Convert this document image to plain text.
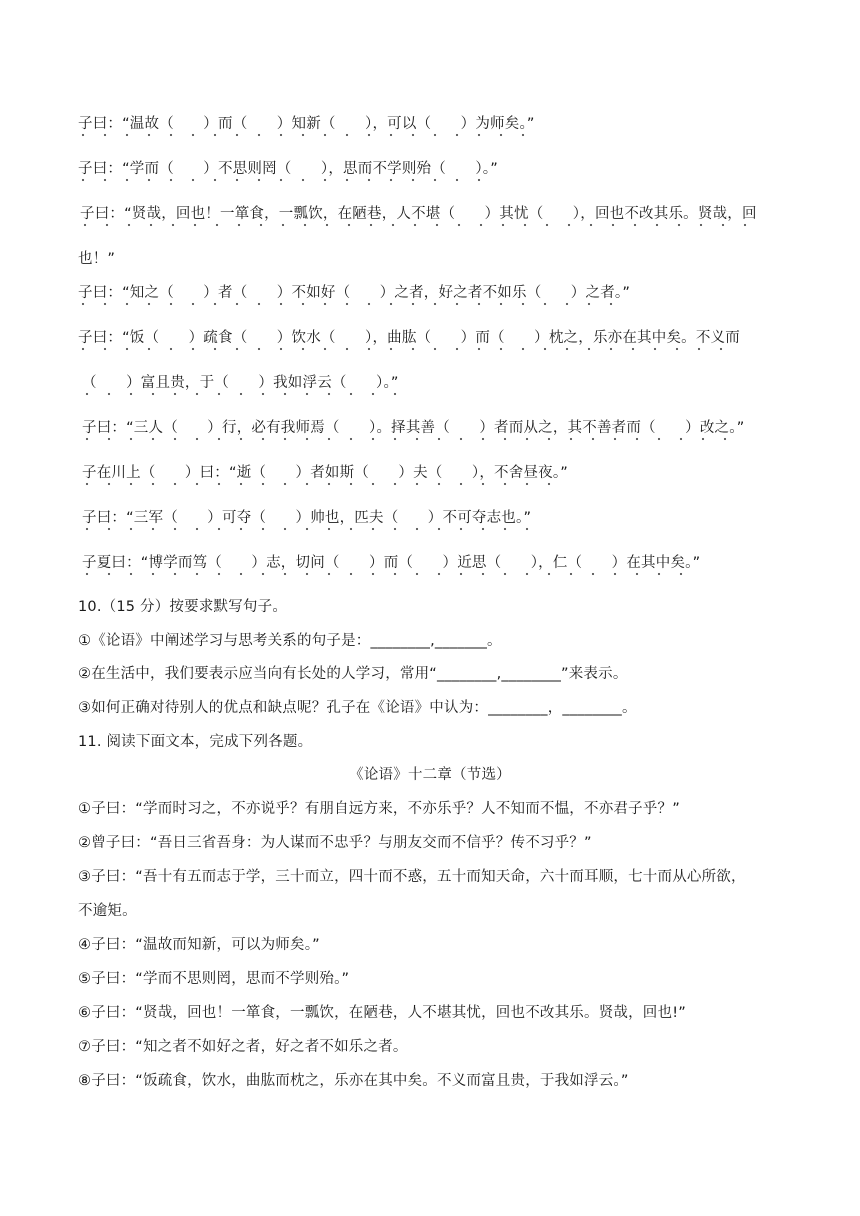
子曰：“温故（　　）而（　　）知新（　　），可以（　　）为师矣。”
子曰：“学而（　　）不思则罔（　　），思而不学则殆（　　）。”
子曰：“贤哉，回也！一箪食，一瓢饮，在陋巷，人不堪（　　）其忧（　　），回也不改其乐。贤哉，回
也！”
子曰：“知之（　　）者（　　）不如好（　　）之者，好之者不如乐（　　）之者。”
子曰：“饭（　　）疏食（　　）饮水（　　），曲肱（　　）而（　　）枕之，乐亦在其中矣。不义而
（　　）富且贵，于（　　）我如浮云（　　）。”
子曰：“三人（　　）行，必有我师焉（　　）。择其善（　　）者而从之，其不善者而（　　）改之。”
子在川上（　　）曰：“逝（　　）者如斯（　　）夫（　　），不舍昼夜。”
子曰：“三军（　　）可夺（　　）帅也，匹夫（　　）不可夺志也。”
子夏曰：“博学而笃（　　）志，切问（　　）而（　　）近思（　　），仁（　　）在其中矣。”
10.（15 分）按要求默写句子。
①《论语》中阐述学习与思考关系的句子是：________,_______。
②在生活中，我们要表示应当向有长处的人学习，常用“________,________”来表示。
③如何正确对待别人的优点和缺点呢？孔子在《论语》中认为：________，________。
11. 阅读下面文本，完成下列各题。
《论语》十二章（节选）
①子曰：“学而时习之，不亦说乎？有朋自远方来，不亦乐乎？人不知而不愠，不亦君子乎？”
②曾子曰：“吾日三省吾身：为人谋而不忠乎？与朋友交而不信乎？传不习乎？”
③子曰：“吾十有五而志于学，三十而立，四十而不惑，五十而知天命，六十而耳顺，七十而从心所欲，
不逾矩。
④子曰：“温故而知新，可以为师矣。”
⑤子曰：“学而不思则罔，思而不学则殆。”
⑥子曰：“贤哉，回也！一箪食，一瓢饮，在陋巷，人不堪其忧，回也不改其乐。贤哉，回也!”
⑦子曰：“知之者不如好之者，好之者不如乐之者。
⑧子曰：“饭疏食，饮水，曲肱而枕之，乐亦在其中矣。不义而富且贵，于我如浮云。”
